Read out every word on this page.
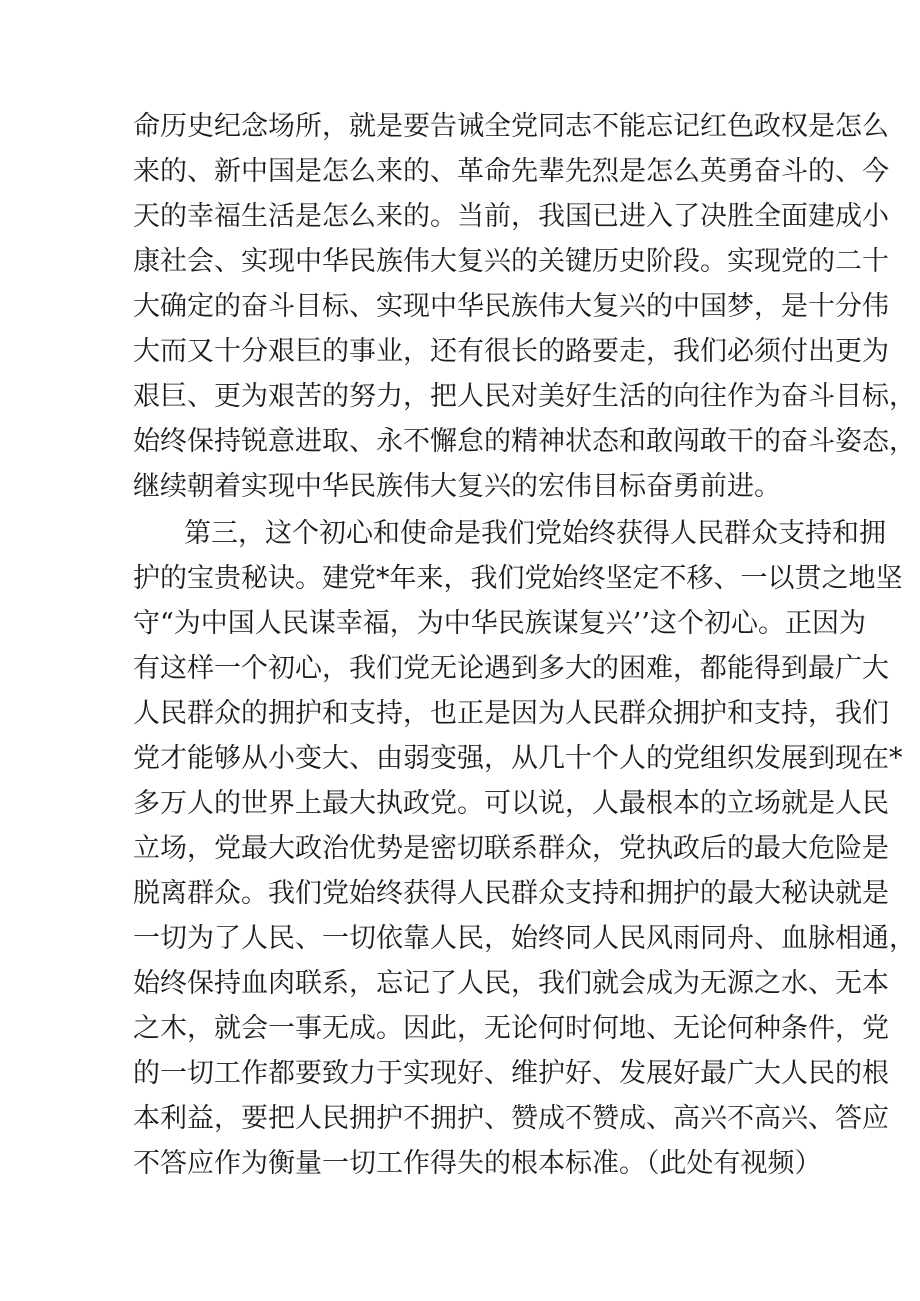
命历史纪念场所，就是要告诫全党同志不能忘记红色政权是怎么
来的、新中国是怎么来的、革命先辈先烈是怎么英勇奋斗的、今
天的幸福生活是怎么来的。当前，我国已进入了决胜全面建成小
康社会、实现中华民族伟大复兴的关键历史阶段。实现党的二十
大确定的奋斗目标、实现中华民族伟大复兴的中国梦，是十分伟
大而又十分艰巨的事业，还有很长的路要走，我们必须付出更为
艰巨、更为艰苦的努力，把人民对美好生活的向往作为奋斗目标，
始终保持锐意进取、永不懈怠的精神状态和敢闯敢干的奋斗姿态，
继续朝着实现中华民族伟大复兴的宏伟目标奋勇前进。
第三，这个初心和使命是我们党始终获得人民群众支持和拥
护的宝贵秘诀。建党*年来，我们党始终坚定不移、一以贯之地坚
守“为中国人民谋幸福，为中华民族谋复兴’’这个初心。正因为
有这样一个初心，我们党无论遇到多大的困难，都能得到最广大
人民群众的拥护和支持，也正是因为人民群众拥护和支持，我们
党才能够从小变大、由弱变强，从几十个人的党组织发展到现在*
多万人的世界上最大执政党。可以说，人最根本的立场就是人民
立场，党最大政治优势是密切联系群众，党执政后的最大危险是
脱离群众。我们党始终获得人民群众支持和拥护的最大秘诀就是
一切为了人民、一切依靠人民，始终同人民风雨同舟、血脉相通，
始终保持血肉联系，忘记了人民，我们就会成为无源之水、无本
之木，就会一事无成。因此，无论何时何地、无论何种条件，党
的一切工作都要致力于实现好、维护好、发展好最广大人民的根
本利益，要把人民拥护不拥护、赞成不赞成、高兴不高兴、答应
不答应作为衡量一切工作得失的根本标准。（此处有视频）
